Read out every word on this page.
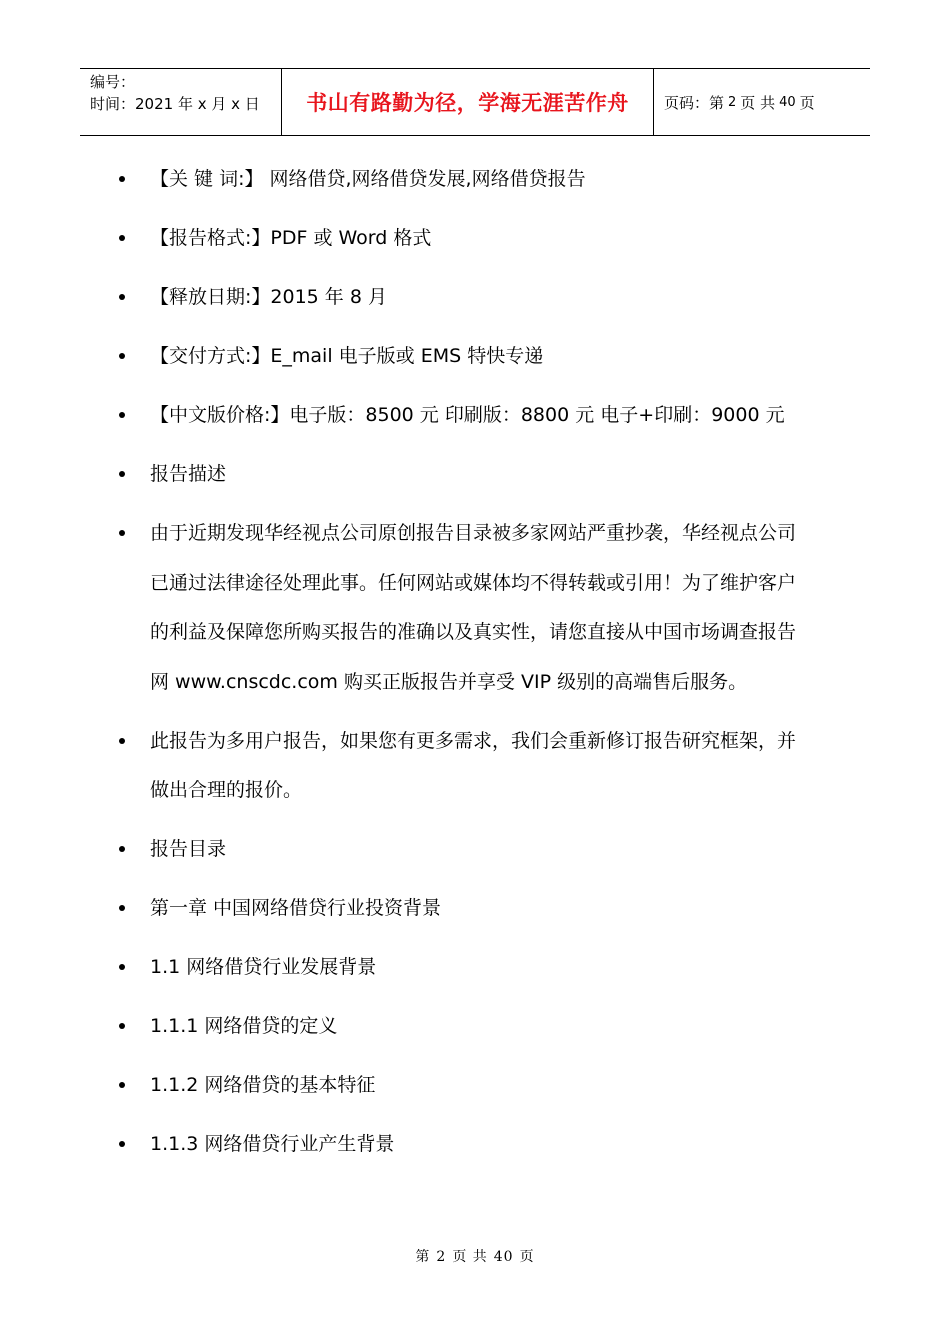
编号：
时间：2021 年 x 月 x 日	书山有路勤为径，学海无涯苦作舟	页码：第 2 页 共 40 页
【关 键 词:】 网络借贷,网络借贷发展,网络借贷报告
【报告格式:】PDF 或 Word 格式
【释放日期:】2015 年 8 月
【交付方式:】E_mail 电子版或 EMS 特快专递
【中文版价格:】电子版：8500 元 印刷版：8800 元 电子+印刷：9000 元
报告描述
由于近期发现华经视点公司原创报告目录被多家网站严重抄袭，华经视点公司已通过法律途径处理此事。任何网站或媒体均不得转载或引用！为了维护客户的利益及保障您所购买报告的准确以及真实性，请您直接从中国市场调查报告网 www.cnscdc.com 购买正版报告并享受 VIP 级别的高端售后服务。
此报告为多用户报告，如果您有更多需求，我们会重新修订报告研究框架，并做出合理的报价。
报告目录
第一章 中国网络借贷行业投资背景
1.1 网络借贷行业发展背景
1.1.1 网络借贷的定义
1.1.2 网络借贷的基本特征
1.1.3 网络借贷行业产生背景
第 2 页 共 40 页
